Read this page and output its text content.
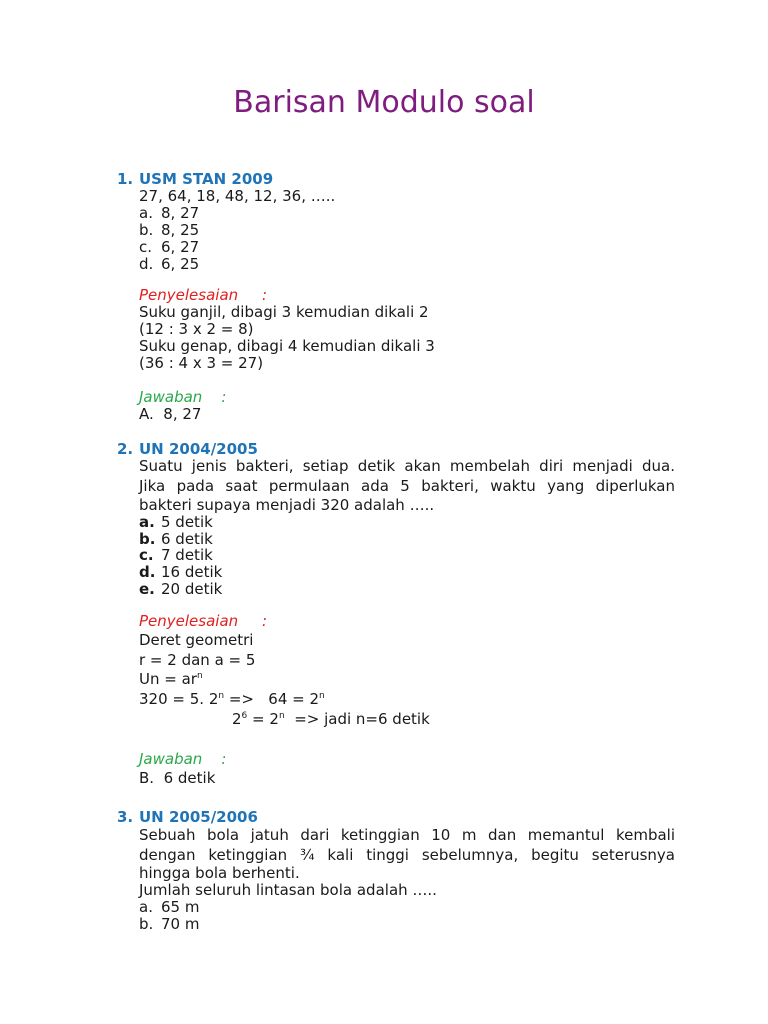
Barisan Modulo soal
1. USM STAN 2009
27, 64, 18, 48, 12, 36, …..
a. 8, 27
b. 8, 25
c. 6, 27
d. 6, 25
Penyelesaian     :
Suku ganjil, dibagi 3 kemudian dikali 2
(12 : 3 x 2 = 8)
Suku genap, dibagi 4 kemudian dikali 3
(36 : 4 x 3 = 27)
Jawaban    :
A.  8, 27
2. UN 2004/2005
Suatu jenis bakteri, setiap detik akan membelah diri menjadi dua.
Jika pada saat permulaan ada 5 bakteri, waktu yang diperlukan
bakteri supaya menjadi 320 adalah …..
a. 5 detik
b. 6 detik
c. 7 detik
d. 16 detik
e. 20 detik
Penyelesaian     :
Deret geometri
r = 2 dan a = 5
$Un = ar^n$
320 = 5. $2^n => 64 = 2^n$
$2^6 = 2^n$  => jadi n=6 detik
Jawaban    :
B.  6 detik
3. UN 2005/2006
Sebuah bola jatuh dari ketinggian 10 m dan memantul kembali
dengan ketinggian ¾ kali tinggi sebelumnya, begitu seterusnya
hingga bola berhenti.
Jumlah seluruh lintasan bola adalah …..
a. 65 m
b. 70 m
